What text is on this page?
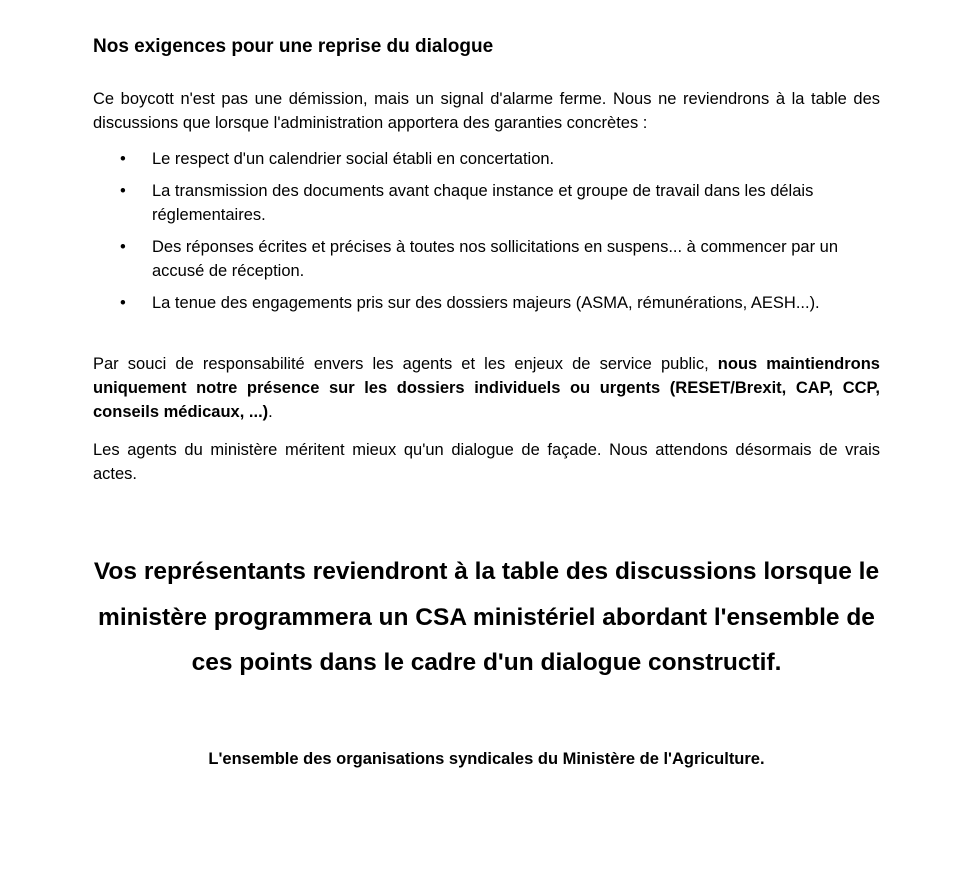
Nos exigences pour une reprise du dialogue

Ce boycott n'est pas une démission, mais un signal d'alarme ferme. Nous ne reviendrons à la table des discussions que lorsque l'administration apportera des garanties concrètes :

• Le respect d'un calendrier social établi en concertation.
• La transmission des documents avant chaque instance et groupe de travail dans les délais réglementaires.
• Des réponses écrites et précises à toutes nos sollicitations en suspens... à commencer par un accusé de réception.
• La tenue des engagements pris sur des dossiers majeurs (ASMA, rémunérations, AESH...).

Par souci de responsabilité envers les agents et les enjeux de service public, nous maintiendrons uniquement notre présence sur les dossiers individuels ou urgents (RESET/Brexit, CAP, CCP, conseils médicaux, ...).

Les agents du ministère méritent mieux qu'un dialogue de façade. Nous attendons désormais de vrais actes.

Vos représentants reviendront à la table des discussions lorsque le ministère programmera un CSA ministériel abordant l'ensemble de ces points dans le cadre d'un dialogue constructif.

L'ensemble des organisations syndicales du Ministère de l'Agriculture.
